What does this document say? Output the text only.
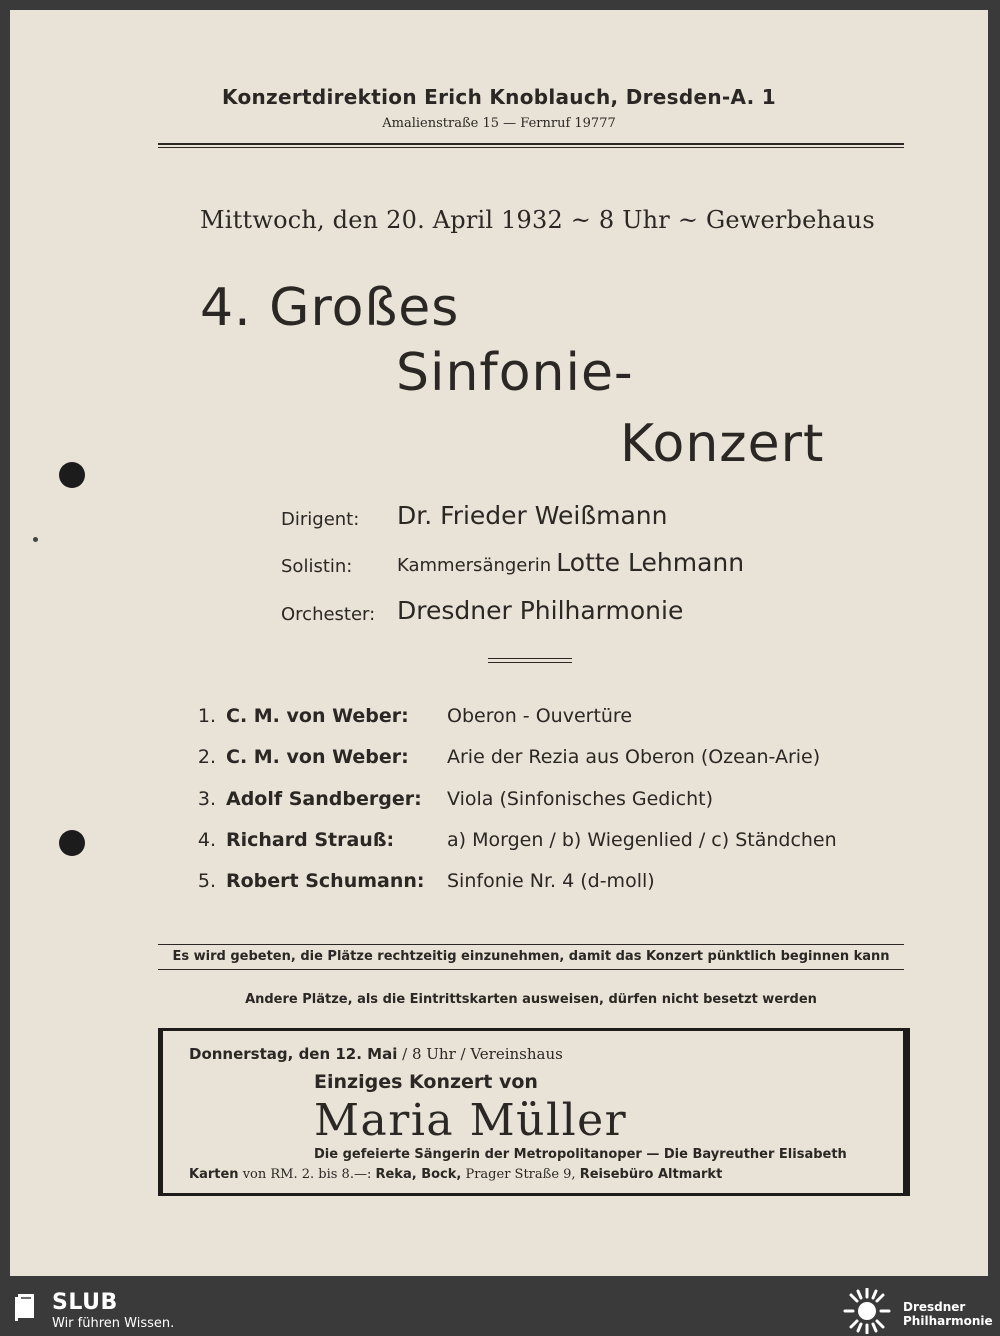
Konzertdirektion Erich Knoblauch, Dresden-A. 1
Amalienstraße 15 — Fernruf 19777
Mittwoch, den 20. April 1932 ~ 8 Uhr ~ Gewerbehaus
4. Großes
Sinfonie-
Konzert
Dirigent: Dr. Frieder Weißmann
Solistin: Kammersängerin Lotte Lehmann
Orchester: Dresdner Philharmonie
1. C. M. von Weber: Oberon - Ouvertüre
2. C. M. von Weber: Arie der Rezia aus Oberon (Ozean-Arie)
3. Adolf Sandberger: Viola (Sinfonisches Gedicht)
4. Richard Strauß:	a) Morgen / b) Wiegenlied / c) Ständchen
5. Robert Schumann: Sinfonie Nr. 4 (d-moll)
Es wird gebeten, die Plätze rechtzeitig einzunehmen, damit das Konzert pünktlich beginnen kann
Andere Plätze, als die Eintrittskarten ausweisen, dürfen nicht besetzt werden
Donnerstag, den 12. Mai / 8 Uhr / Vereinshaus
Einziges Konzert von
Maria Müller
Die gefeierte Sängerin der Metropolitanoper — Die Bayreuther Elisabeth
Karten von RM. 2. bis 8.—: Reka, Bock, Prager Straße 9, Reisebüro Altmarkt
SLUB
Wir führen Wissen.
Dresdner
Philharmonie
